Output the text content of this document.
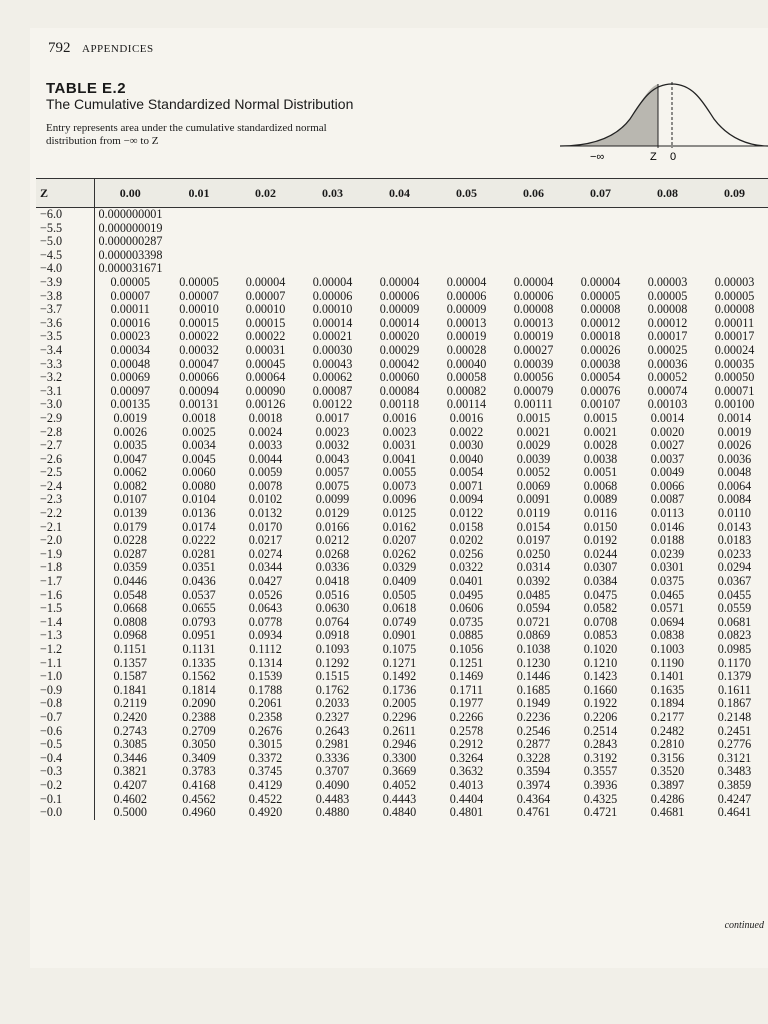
792 APPENDICES
TABLE E.2
The Cumulative Standardized Normal Distribution
Entry represents area under the cumulative standardized normal distribution from −∞ to Z
−∞	Z 0
Z	0.00	0.01	0.02	0.03	0.04	0.05	0.06	0.07	0.08	0.09
−6.0	0.000000001									
−5.5	0.000000019									
−5.0	0.000000287									
−4.5	0.000003398									
−4.0	0.000031671									
−3.9	0.00005	0.00005	0.00004	0.00004	0.00004	0.00004	0.00004	0.00004	0.00003	0.00003
−3.8	0.00007	0.00007	0.00007	0.00006	0.00006	0.00006	0.00006	0.00005	0.00005	0.00005
−3.7	0.00011	0.00010	0.00010	0.00010	0.00009	0.00009	0.00008	0.00008	0.00008	0.00008
−3.6	0.00016	0.00015	0.00015	0.00014	0.00014	0.00013	0.00013	0.00012	0.00012	0.00011
−3.5	0.00023	0.00022	0.00022	0.00021	0.00020	0.00019	0.00019	0.00018	0.00017	0.00017
−3.4	0.00034	0.00032	0.00031	0.00030	0.00029	0.00028	0.00027	0.00026	0.00025	0.00024
−3.3	0.00048	0.00047	0.00045	0.00043	0.00042	0.00040	0.00039	0.00038	0.00036	0.00035
−3.2	0.00069	0.00066	0.00064	0.00062	0.00060	0.00058	0.00056	0.00054	0.00052	0.00050
−3.1	0.00097	0.00094	0.00090	0.00087	0.00084	0.00082	0.00079	0.00076	0.00074	0.00071
−3.0	0.00135	0.00131	0.00126	0.00122	0.00118	0.00114	0.00111	0.00107	0.00103	0.00100
−2.9	0.0019	0.0018	0.0018	0.0017	0.0016	0.0016	0.0015	0.0015	0.0014	0.0014
−2.8	0.0026	0.0025	0.0024	0.0023	0.0023	0.0022	0.0021	0.0021	0.0020	0.0019
−2.7	0.0035	0.0034	0.0033	0.0032	0.0031	0.0030	0.0029	0.0028	0.0027	0.0026
−2.6	0.0047	0.0045	0.0044	0.0043	0.0041	0.0040	0.0039	0.0038	0.0037	0.0036
−2.5	0.0062	0.0060	0.0059	0.0057	0.0055	0.0054	0.0052	0.0051	0.0049	0.0048
−2.4	0.0082	0.0080	0.0078	0.0075	0.0073	0.0071	0.0069	0.0068	0.0066	0.0064
−2.3	0.0107	0.0104	0.0102	0.0099	0.0096	0.0094	0.0091	0.0089	0.0087	0.0084
−2.2	0.0139	0.0136	0.0132	0.0129	0.0125	0.0122	0.0119	0.0116	0.0113	0.0110
−2.1	0.0179	0.0174	0.0170	0.0166	0.0162	0.0158	0.0154	0.0150	0.0146	0.0143
−2.0	0.0228	0.0222	0.0217	0.0212	0.0207	0.0202	0.0197	0.0192	0.0188	0.0183
−1.9	0.0287	0.0281	0.0274	0.0268	0.0262	0.0256	0.0250	0.0244	0.0239	0.0233
−1.8	0.0359	0.0351	0.0344	0.0336	0.0329	0.0322	0.0314	0.0307	0.0301	0.0294
−1.7	0.0446	0.0436	0.0427	0.0418	0.0409	0.0401	0.0392	0.0384	0.0375	0.0367
−1.6	0.0548	0.0537	0.0526	0.0516	0.0505	0.0495	0.0485	0.0475	0.0465	0.0455
−1.5	0.0668	0.0655	0.0643	0.0630	0.0618	0.0606	0.0594	0.0582	0.0571	0.0559
−1.4	0.0808	0.0793	0.0778	0.0764	0.0749	0.0735	0.0721	0.0708	0.0694	0.0681
−1.3	0.0968	0.0951	0.0934	0.0918	0.0901	0.0885	0.0869	0.0853	0.0838	0.0823
−1.2	0.1151	0.1131	0.1112	0.1093	0.1075	0.1056	0.1038	0.1020	0.1003	0.0985
−1.1	0.1357	0.1335	0.1314	0.1292	0.1271	0.1251	0.1230	0.1210	0.1190	0.1170
−1.0	0.1587	0.1562	0.1539	0.1515	0.1492	0.1469	0.1446	0.1423	0.1401	0.1379
−0.9	0.1841	0.1814	0.1788	0.1762	0.1736	0.1711	0.1685	0.1660	0.1635	0.1611
−0.8	0.2119	0.2090	0.2061	0.2033	0.2005	0.1977	0.1949	0.1922	0.1894	0.1867
−0.7	0.2420	0.2388	0.2358	0.2327	0.2296	0.2266	0.2236	0.2206	0.2177	0.2148
−0.6	0.2743	0.2709	0.2676	0.2643	0.2611	0.2578	0.2546	0.2514	0.2482	0.2451
−0.5	0.3085	0.3050	0.3015	0.2981	0.2946	0.2912	0.2877	0.2843	0.2810	0.2776
−0.4	0.3446	0.3409	0.3372	0.3336	0.3300	0.3264	0.3228	0.3192	0.3156	0.3121
−0.3	0.3821	0.3783	0.3745	0.3707	0.3669	0.3632	0.3594	0.3557	0.3520	0.3483
−0.2	0.4207	0.4168	0.4129	0.4090	0.4052	0.4013	0.3974	0.3936	0.3897	0.3859
−0.1	0.4602	0.4562	0.4522	0.4483	0.4443	0.4404	0.4364	0.4325	0.4286	0.4247
−0.0	0.5000	0.4960	0.4920	0.4880	0.4840	0.4801	0.4761	0.4721	0.4681	0.4641
continued
